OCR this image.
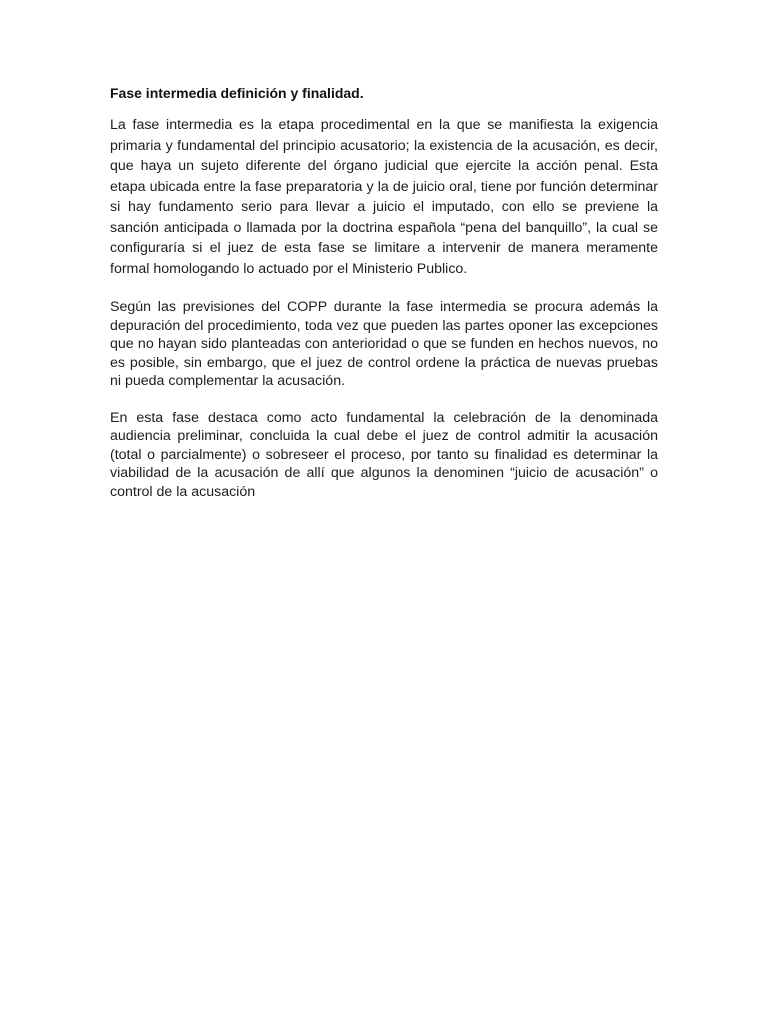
Fase intermedia definición y finalidad.

La fase intermedia es la etapa procedimental en la que se manifiesta la exigencia primaria y fundamental del principio acusatorio; la existencia de la acusación, es decir, que haya un sujeto diferente del órgano judicial que ejercite la acción penal. Esta etapa ubicada entre la fase preparatoria y la de juicio oral, tiene por función determinar si hay fundamento serio para llevar a juicio el imputado, con ello se previene la sanción anticipada o llamada por la doctrina española “pena del banquillo”, la cual se configuraría si el juez de esta fase se limitare a intervenir de manera meramente formal homologando lo actuado por el Ministerio Publico.

Según las previsiones del COPP durante la fase intermedia se procura además la depuración del procedimiento, toda vez que pueden las partes oponer las excepciones que no hayan sido planteadas con anterioridad o que se funden en hechos nuevos, no es posible, sin embargo, que el juez de control ordene la práctica de nuevas pruebas ni pueda complementar la acusación.

En esta fase destaca como acto fundamental la celebración de la denominada audiencia preliminar, concluida la cual debe el juez de control admitir la acusación (total o parcialmente) o sobreseer el proceso, por tanto su finalidad es determinar la viabilidad de la acusación de allí que algunos la denominen “juicio de acusación” o control de la acusación
